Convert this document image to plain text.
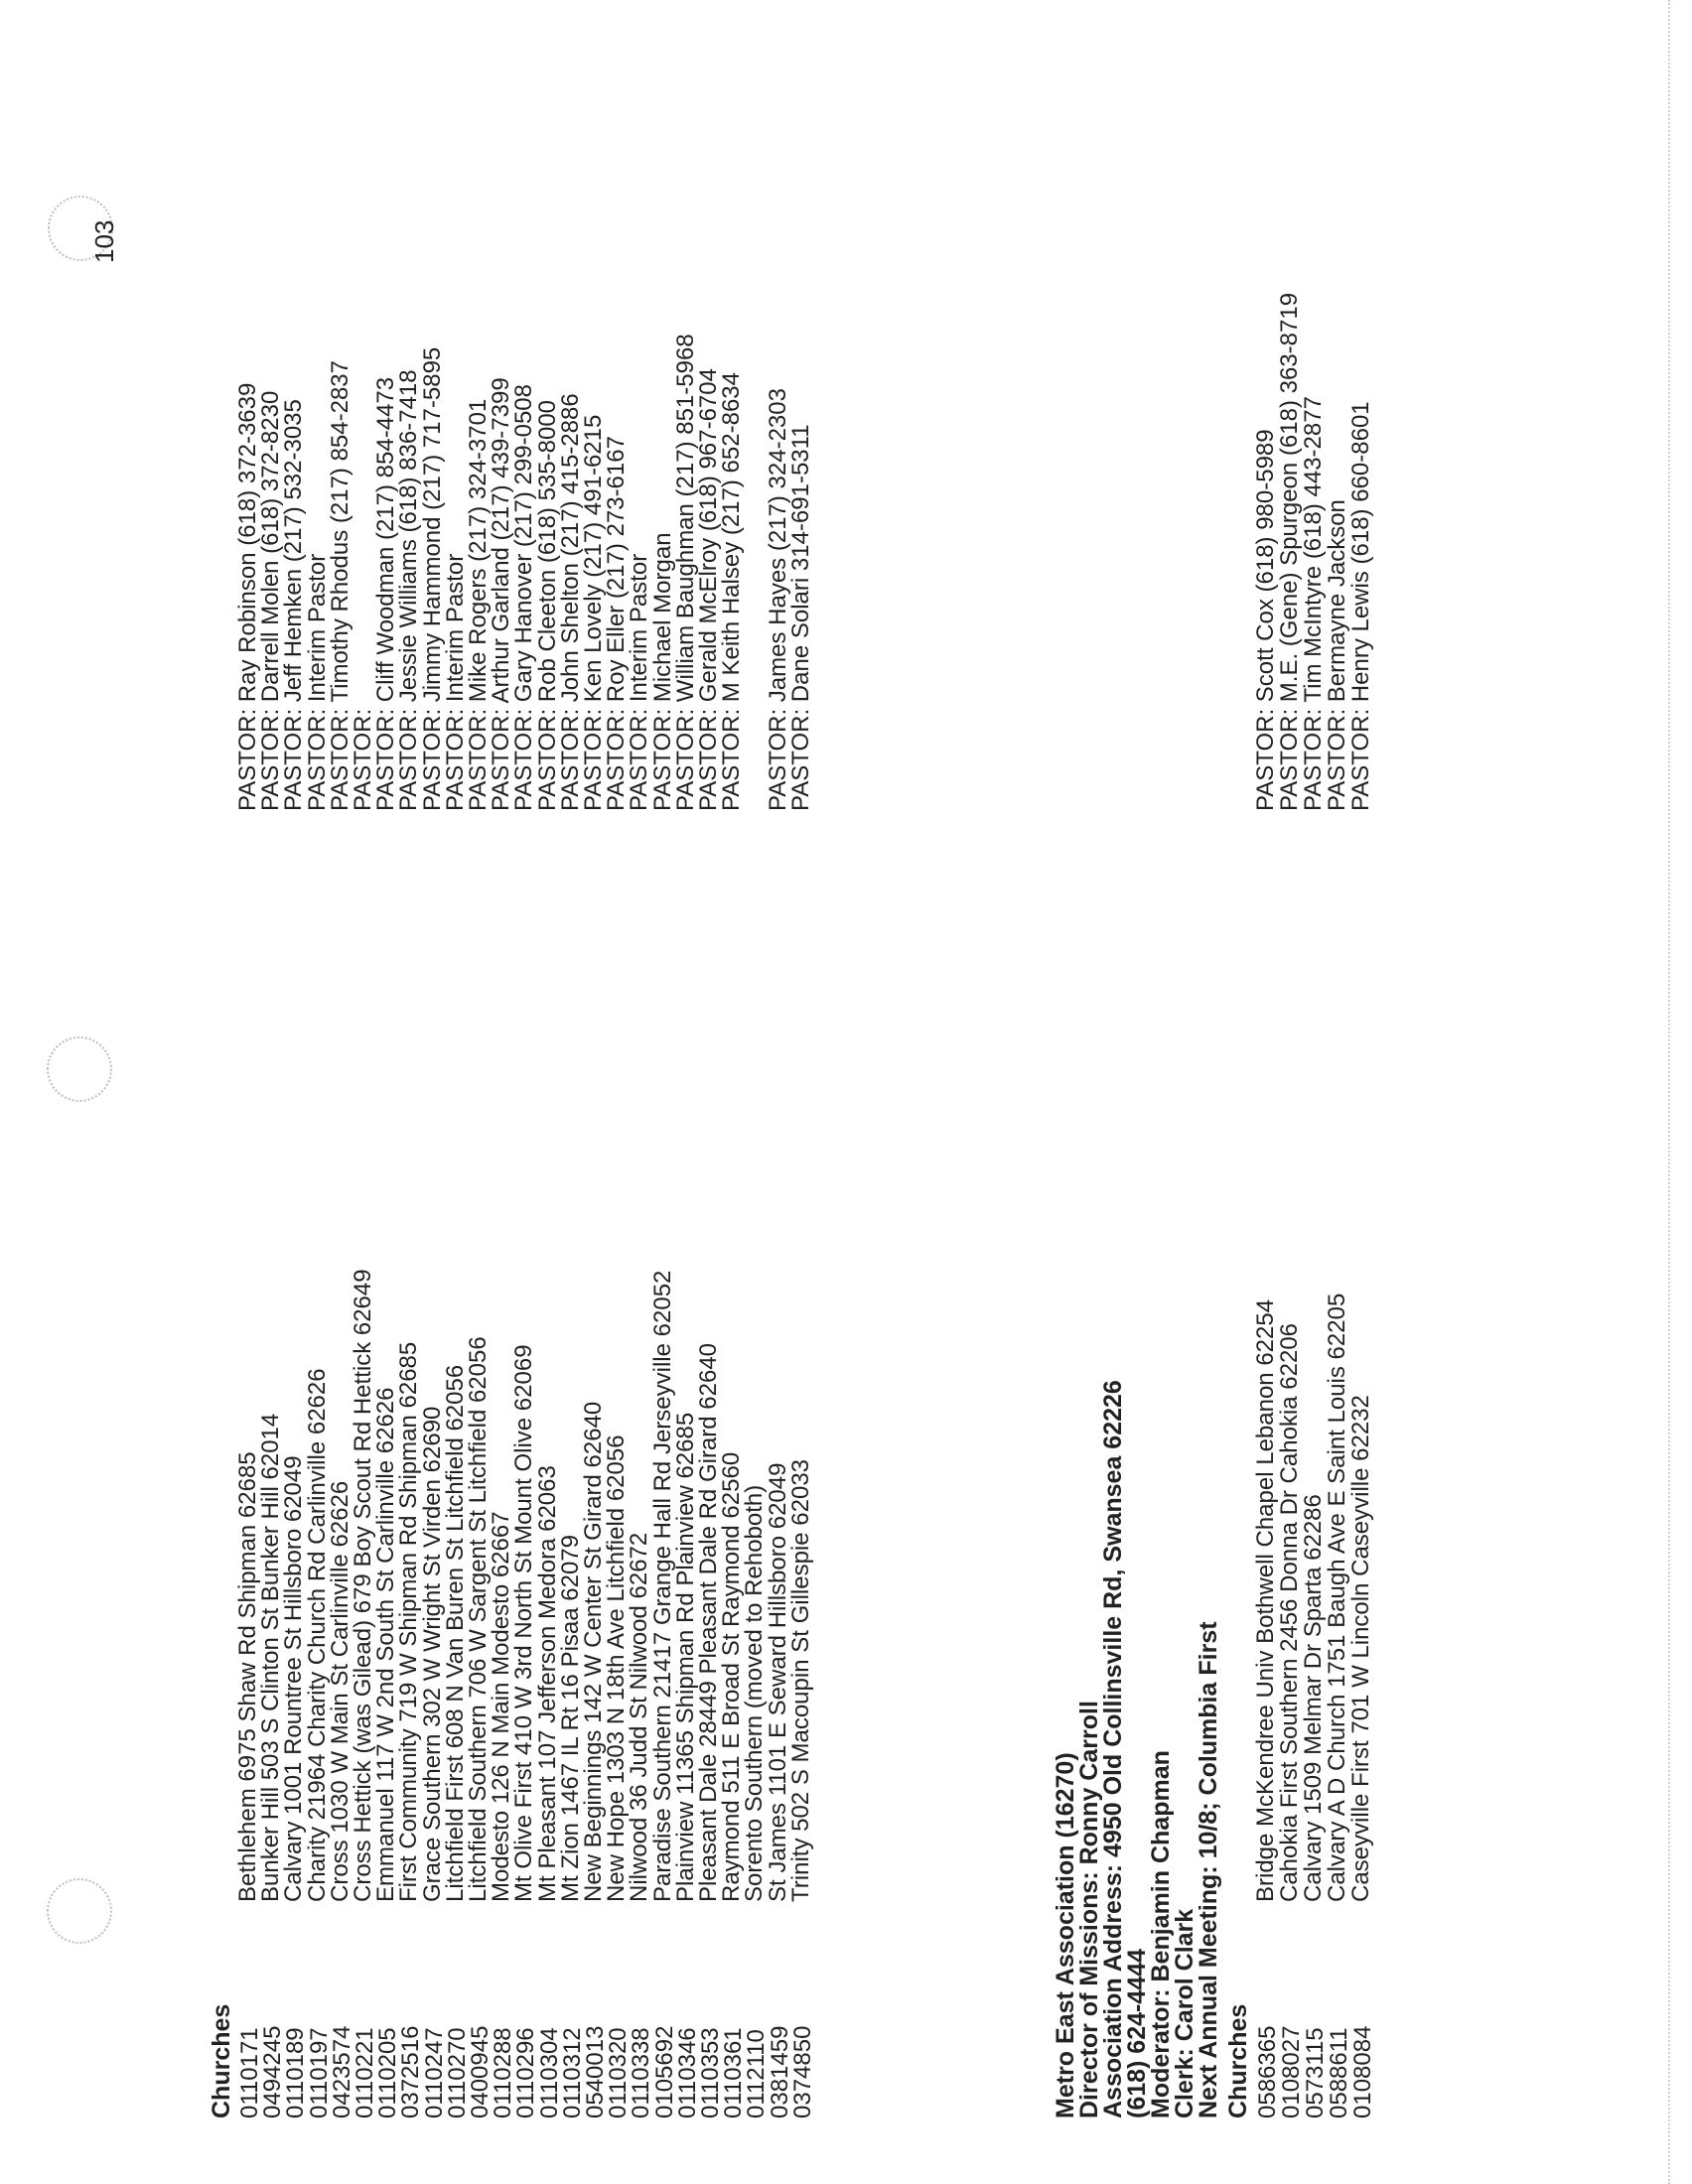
103
Churches 0110171
Bethlehem 6975 Shaw Rd Shipman 62685
PASTOR: Ray Robinson (618) 372-3639
0494245
Bunker Hill 503 S Clinton St Bunker Hill 62014
PASTOR: Darrell Molen (618) 372-8230
0110189
Calvary 1001 Rountree St Hillsboro 62049
PASTOR: Jeff Hemken (217) 532-3035
0110197
Charity 21964 Charity Church Rd Carlinville 62626
PASTOR: Interim Pastor
0423574
Cross 1030 W Main St Carlinville 62626
PASTOR: Timothy Rhodus (217) 854-2837
0110221
Cross Hettick (was Gilead) 679 Boy Scout Rd Hettick 62649
PASTOR:
0110205
Emmanuel 117 W 2nd South St Carlinville 62626
PASTOR: Cliff Woodman (217) 854-4473
0372516
First Community 719 W Shipman Rd Shipman 62685
PASTOR: Jessie Williams (618) 836-7418
0110247
Grace Southern 302 W Wright St Virden 62690
PASTOR: Jimmy Hammond (217) 717-5895
0110270
Litchfield First 608 N Van Buren St Litchfield 62056
PASTOR: Interim Pastor
0400945
Litchfield Southern 706 W Sargent St Litchfield 62056
PASTOR: Mike Rogers (217) 324-3701
0110288
Modesto 126 N Main Modesto 62667
PASTOR: Arthur Garland (217) 439-7399
0110296
Mt Olive First 410 W 3rd North St Mount Olive 62069
PASTOR: Gary Hanover (217) 299-0508
0110304
Mt Pleasant 107 Jefferson Medora 62063
PASTOR: Rob Cleeton (618) 535-8000
0110312
Mt Zion 1467 IL Rt 16 Pisaa 62079
PASTOR: John Shelton (217) 415-2886
0540013
New Beginnings 142 W Center St Girard 62640
PASTOR: Ken Lovely (217) 491-6215
0110320
New Hope 1303 N 18th Ave Litchfield 62056
PASTOR: Roy Eller (217) 273-6167
0110338
Nilwood 36 Judd St Nilwood 62672
PASTOR: Interim Pastor
0105692
Paradise Southern 21417 Grange Hall Rd Jerseyville 62052
PASTOR: Michael Morgan
0110346
Plainview 11365 Shipman Rd Plainview 62685
PASTOR: William Baughman (217) 851-5968
0110353
Pleasant Dale 28449 Pleasant Dale Rd Girard 62640
PASTOR: Gerald McElroy (618) 967-6704
0110361
Raymond 511 E Broad St Raymond 62560
PASTOR: M Keith Halsey (217) 652-8634
0112110
Sorento Southern (moved to Rehoboth)
0381459
St James 1101 E Seward Hillsboro 62049
PASTOR: James Hayes (217) 324-2303
0374850
Trinity 502 S Macoupin St Gillespie 62033
PASTOR: Dane Solari 314-691-5311
Metro East Association (16270)
Director of Missions: Ronny Carroll
Association Address: 4950 Old Collinsville Rd, Swansea 62226
(618) 624-4444
Moderator: Benjamin Chapman
Clerk: Carol Clark
Next Annual Meeting: 10/8; Columbia First Churches 0586365
Bridge McKendree Univ Bothwell Chapel Lebanon 62254
PASTOR: Scott Cox (618) 980-5989
0108027
Cahokia First Southern 2456 Donna Dr Cahokia 62206
PASTOR: M.E. (Gene) Spurgeon (618) 363-8719
0573115
Calvary 1509 Melmar Dr Sparta 62286
PASTOR: Tim McIntyre (618) 443-2877
0588611
Calvary A D Church 1751 Baugh Ave E Saint Louis 62205
PASTOR: Bermayne Jackson
0108084
Caseyville First 701 W Lincoln Caseyville 62232
PASTOR: Henry Lewis (618) 660-8601
